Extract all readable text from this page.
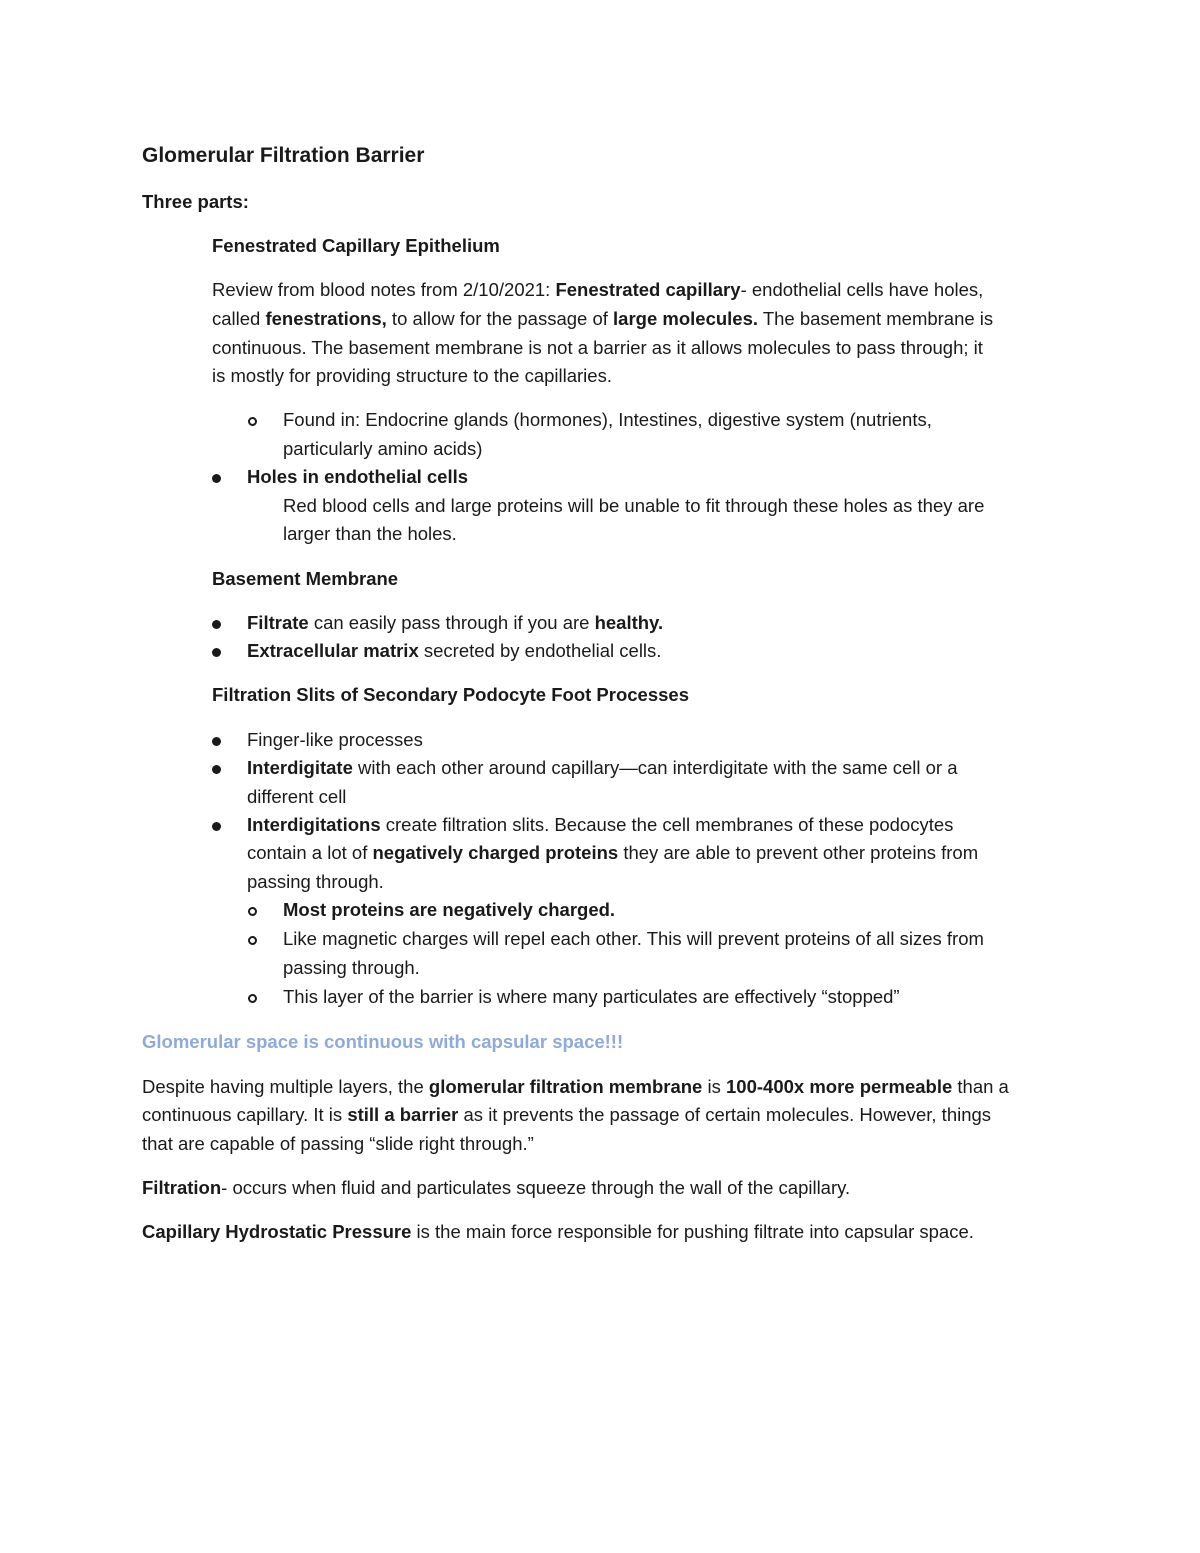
Glomerular Filtration Barrier

Three parts:

Fenestrated Capillary Epithelium

Review from blood notes from 2/10/2021: Fenestrated capillary- endothelial cells have holes,

called fenestrations, to allow for the passage of large molecules. The basement membrane is

continuous. The basement membrane is not a barrier as it allows molecules to pass through; it

is mostly for providing structure to the capillaries.

Found in: Endocrine glands (hormones), Intestines, digestive system (nutrients,

particularly amino acids)

Holes in endothelial cells

Red blood cells and large proteins will be unable to fit through these holes as they are

larger than the holes.

Basement Membrane

Filtrate can easily pass through if you are healthy.

Extracellular matrix secreted by endothelial cells.

Filtration Slits of Secondary Podocyte Foot Processes

Finger-like processes

Interdigitate with each other around capillary—can interdigitate with the same cell or a

different cell

Interdigitations create filtration slits. Because the cell membranes of these podocytes

contain a lot of negatively charged proteins they are able to prevent other proteins from

passing through.

Most proteins are negatively charged.

Like magnetic charges will repel each other. This will prevent proteins of all sizes from

passing through.

This layer of the barrier is where many particulates are effectively “stopped”

Glomerular space is continuous with capsular space!!!

Despite having multiple layers, the glomerular filtration membrane is 100-400x more permeable than a

continuous capillary. It is still a barrier as it prevents the passage of certain molecules. However, things

that are capable of passing “slide right through.”

Filtration- occurs when fluid and particulates squeeze through the wall of the capillary.

Capillary Hydrostatic Pressure is the main force responsible for pushing filtrate into capsular space.
